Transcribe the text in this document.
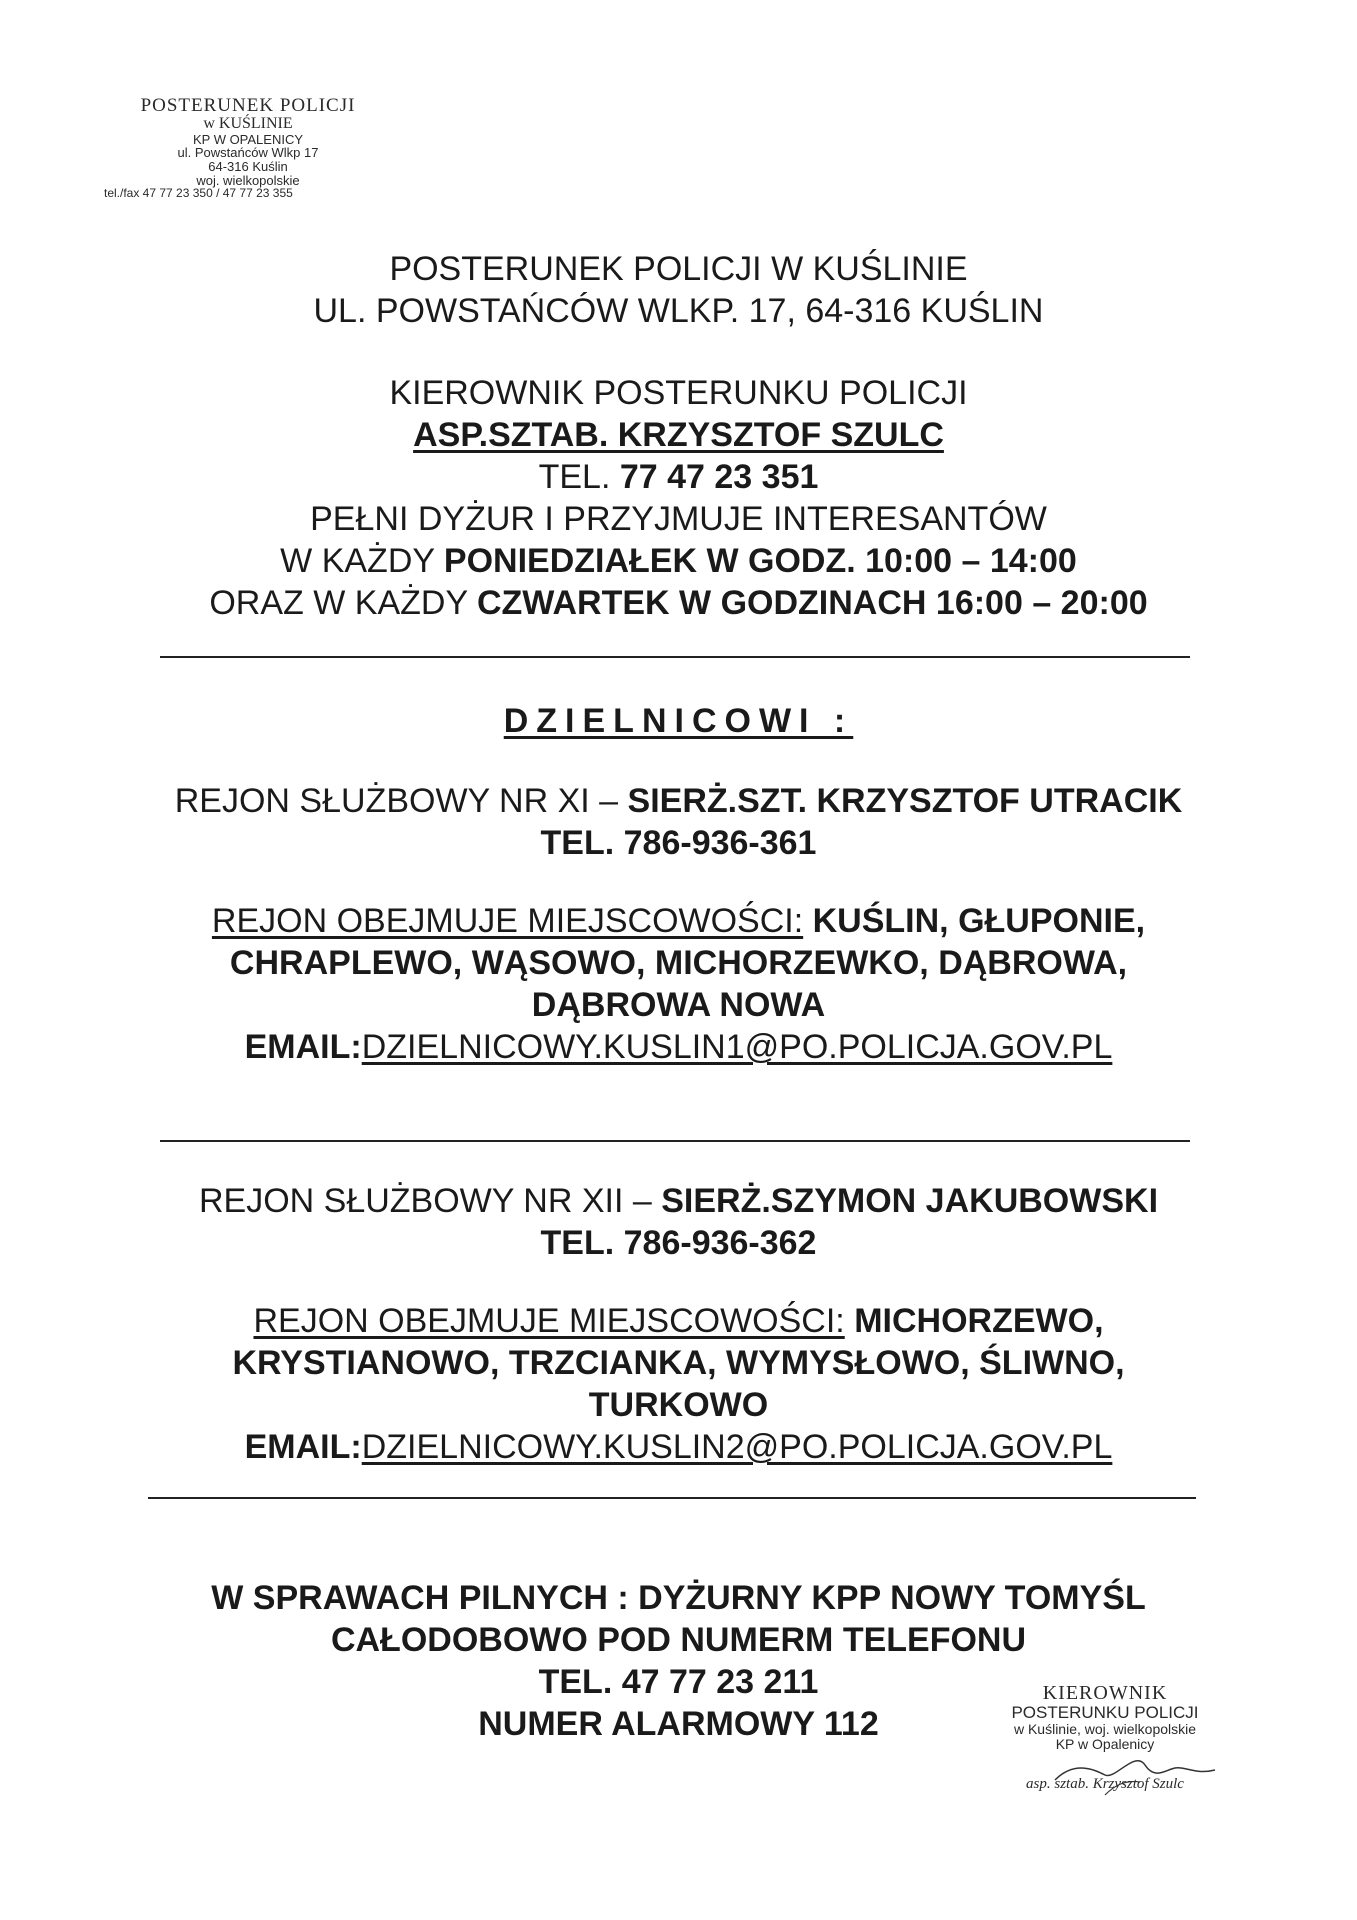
POSTERUNEK POLICJI
w KUŚLINIE
KP W OPALENICY
ul. Powstańców Wlkp 17
64-316 Kuślin
woj. wielkopolskie
tel./fax 47 77 23 350 / 47 77 23 355
POSTERUNEK POLICJI W KUŚLINIE
UL. POWSTAŃCÓW WLKP. 17, 64-316 KUŚLIN
KIEROWNIK POSTERUNKU POLICJI
ASP.SZTAB. KRZYSZTOF SZULC
TEL. 77 47 23 351
PEŁNI DYŻUR I PRZYJMUJE INTERESANTÓW
W KAŻDY PONIEDZIAŁEK W GODZ. 10:00 – 14:00
ORAZ W KAŻDY CZWARTEK W GODZINACH 16:00 – 20:00
DZIELNICOWI :
REJON SŁUŻBOWY NR XI – SIERŻ.SZT. KRZYSZTOF UTRACIK
TEL. 786-936-361
REJON OBEJMUJE MIEJSCOWOŚCI: KUŚLIN, GŁUPONIE,
CHRAPLEWO, WĄSOWO, MICHORZEWKO, DĄBROWA,
DĄBROWA NOWA
EMAIL:DZIELNICOWY.KUSLIN1@PO.POLICJA.GOV.PL
REJON SŁUŻBOWY NR XII – SIERŻ.SZYMON JAKUBOWSKI
TEL. 786-936-362
REJON OBEJMUJE MIEJSCOWOŚCI: MICHORZEWO,
KRYSTIANOWO, TRZCIANKA, WYMYSŁOWO, ŚLIWNO,
TURKOWO
EMAIL:DZIELNICOWY.KUSLIN2@PO.POLICJA.GOV.PL
W SPRAWACH PILNYCH : DYŻURNY KPP NOWY TOMYŚL
CAŁODOBOWO POD NUMERM TELEFONU
TEL. 47 77 23 211
NUMER ALARMOWY 112
KIEROWNIK
POSTERUNKU POLICJI
w Kuślinie, woj. wielkopolskie
KP w Opalenicy
asp. sztab. Krzysztof Szulc
